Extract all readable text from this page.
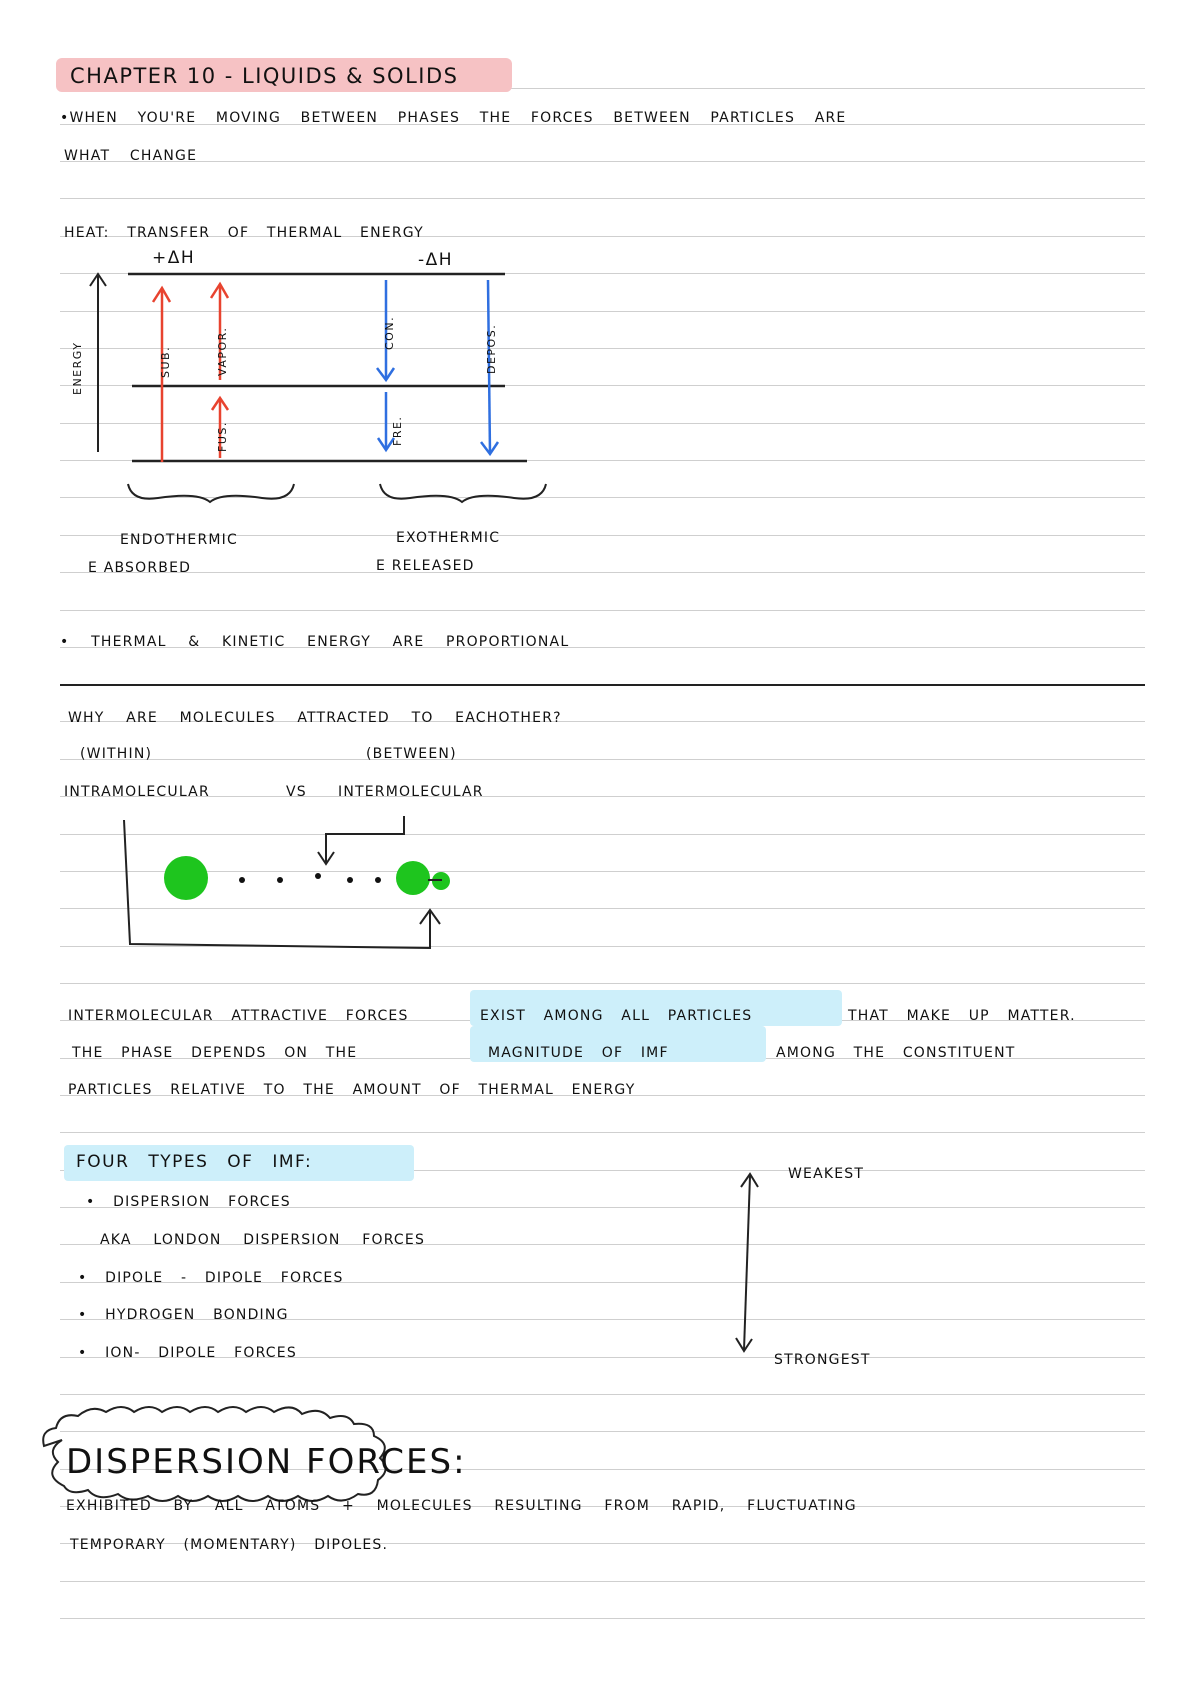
CHAPTER 10 - LIQUIDS & SOLIDS
•WHEN YOU'RE MOVING BETWEEN PHASES THE FORCES BETWEEN PARTICLES ARE
WHAT CHANGE
HEAT: TRANSFER OF THERMAL ENERGY
+ΔH	-ΔH
ENERGY	SUB.	VAPOR.
FUS.
CON.	DEPOS.
FRE.
ENDOTHERMIC	EXOTHERMIC
E ABSORBED	E RELEASED
• THERMAL & KINETIC ENERGY ARE PROPORTIONAL
WHY ARE MOLECULES ATTRACTED TO EACHOTHER?
(WITHIN)	(BETWEEN)
INTRAMOLECULAR	VS INTERMOLECULAR
INTERMOLECULAR ATTRACTIVE FORCES	EXIST AMONG ALL PARTICLES	THAT MAKE UP MATTER.
THE PHASE DEPENDS ON THE	MAGNITUDE OF IMF	AMONG THE CONSTITUENT
PARTICLES RELATIVE TO THE AMOUNT OF THERMAL ENERGY
FOUR TYPES OF IMF:
• DISPERSION FORCES
AKA LONDON DISPERSION FORCES
• DIPOLE - DIPOLE FORCES
• HYDROGEN BONDING
• ION- DIPOLE FORCES
WEAKEST
STRONGEST
DISPERSION FORCES:
EXHIBITED BY ALL ATOMS + MOLECULES RESULTING FROM RAPID, FLUCTUATING
TEMPORARY (MOMENTARY) DIPOLES.
